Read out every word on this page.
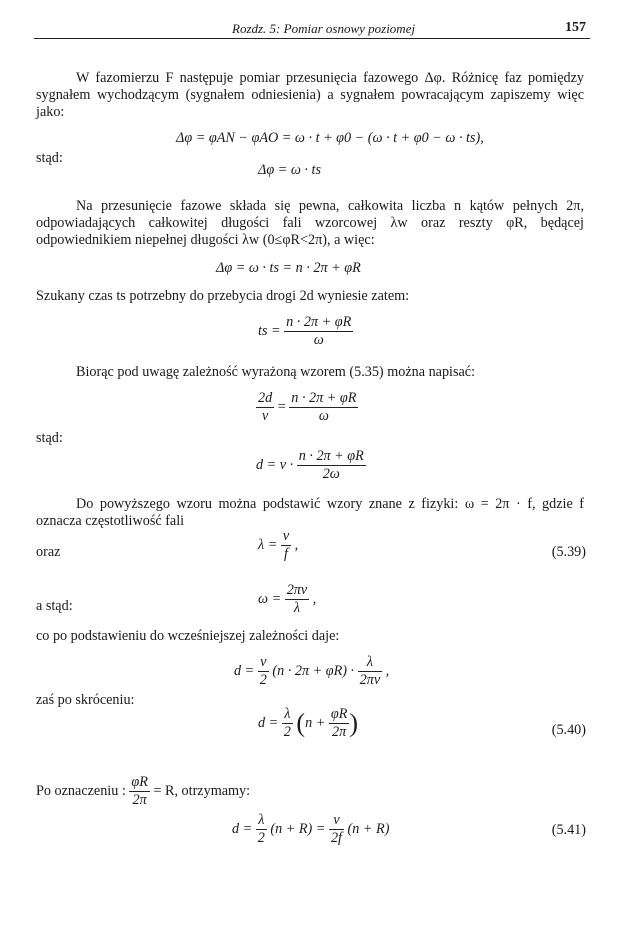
Rozdz. 5: Pomiar osnowy poziomej	157

W fazomierzu F następuje pomiar przesunięcia fazowego Δφ. Różnicę faz pomiędzy sygnałem wychodzącym (sygnałem odniesienia) a sygnałem powracającym zapiszemy więc jako:

Δφ = φAN − φAO = ω · t + φ0 − (ω · t + φ0 − ω · ts),
stąd:
Δφ = ω · ts

Na przesunięcie fazowe składa się pewna, całkowita liczba n kątów pełnych 2π, odpowiadających całkowitej długości fali wzorcowej λw oraz reszty φR, będącej odpowiednikiem niepełnej długości λw (0≤φR<2π), a więc:

Δφ = ω · ts = n · 2π + φR

Szukany czas ts potrzebny do przebycia drogi 2d wyniesie zatem:

ts = $\frac{n \cdot 2\pi + \varphi R}{\omega}$

Biorąc pod uwagę zależność wyrażoną wzorem (5.35) można napisać:

$\frac{2d}{v} = \frac{n \cdot 2\pi + \varphi R}{\omega}$
stąd:
$d = v \cdot \frac{n \cdot 2\pi + \varphi R}{2\omega}$

Do powyższego wzoru można podstawić wzory znane z fizyki: ω = 2π · f, gdzie f oznacza częstotliwość fali

oraz	$\lambda = \frac{v}{f}$ ,	(5.39)
a stąd:	$\omega = \frac{2\pi v}{\lambda}$ ,

co po podstawieniu do wcześniejszej zależności daje:

$d = \frac{v}{2} (n \cdot 2\pi + \varphi R) \cdot \frac{\lambda}{2\pi v}$ ,
zaś po skróceniu:
$d = \frac{\lambda}{2} (n + \frac{\varphi R}{2\pi}$ )	(5.40)
Po oznaczeniu : $\frac{\varphi R}{2\pi} = R$, otrzymamy:
$d = \frac{\lambda}{2} (n + R) = \frac{v}{2f} (n + R)$	(5.41)
